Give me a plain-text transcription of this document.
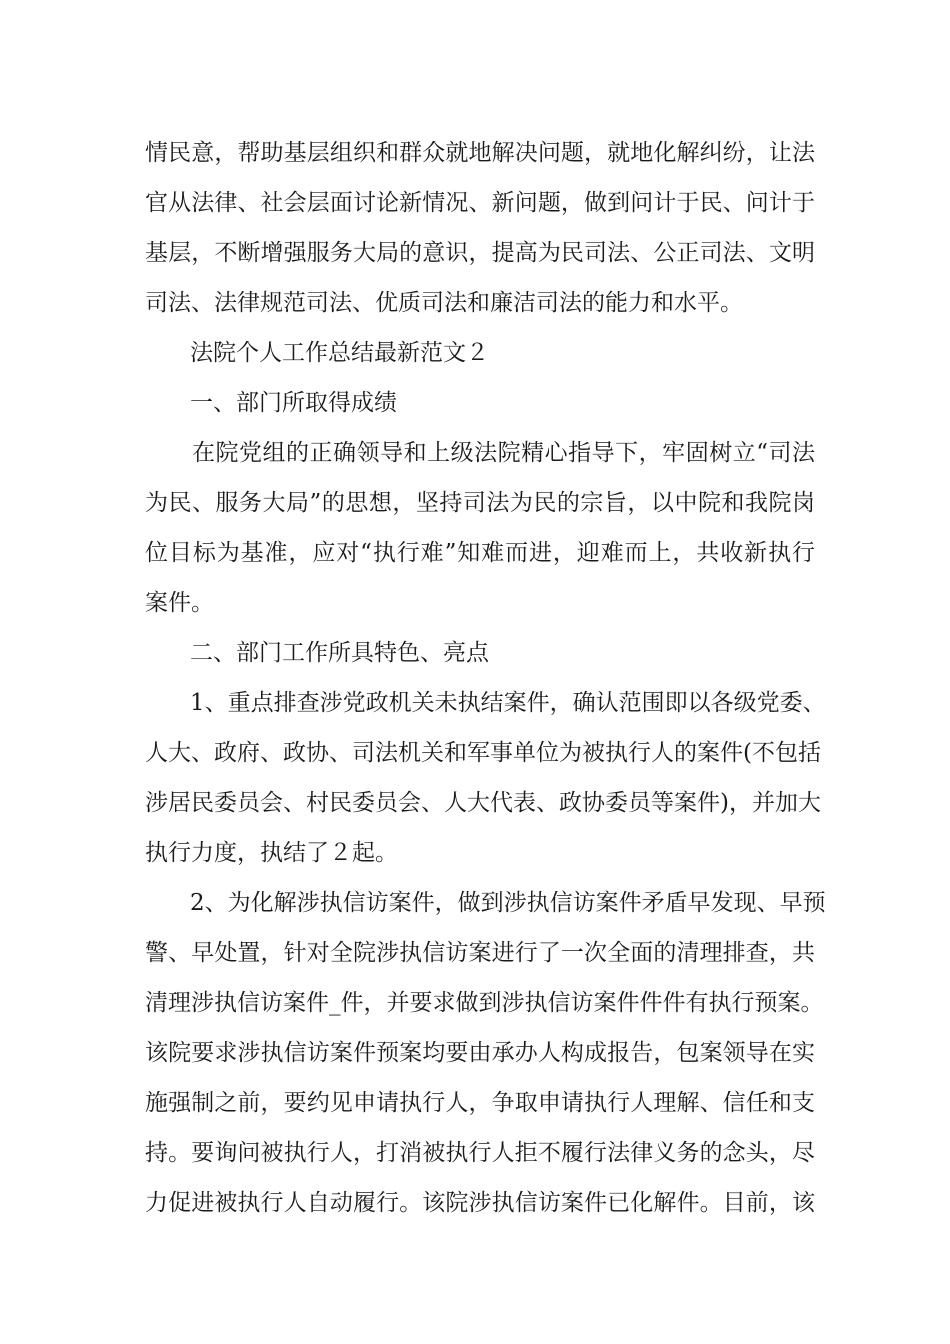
情民意，帮助基层组织和群众就地解决问题，就地化解纠纷，让法
官从法律、社会层面讨论新情况、新问题，做到问计于民、问计于
基层，不断增强服务大局的意识，提高为民司法、公正司法、文明
司法、法律规范司法、优质司法和廉洁司法的能力和水平。
法院个人工作总结最新范文２
一、部门所取得成绩
在院党组的正确领导和上级法院精心指导下，牢固树立“司法
为民、服务大局”的思想，坚持司法为民的宗旨，以中院和我院岗
位目标为基准，应对“执行难”知难而进，迎难而上，共收新执行
案件。
二、部门工作所具特色、亮点
1、重点排查涉党政机关未执结案件，确认范围即以各级党委、
人大、政府、政协、司法机关和军事单位为被执行人的案件(不包括
涉居民委员会、村民委员会、人大代表、政协委员等案件)，并加大
执行力度，执结了２起。
2、为化解涉执信访案件，做到涉执信访案件矛盾早发现、早预
警、早处置，针对全院涉执信访案进行了一次全面的清理排查，共
清理涉执信访案件_件，并要求做到涉执信访案件件件有执行预案。
该院要求涉执信访案件预案均要由承办人构成报告，包案领导在实
施强制之前，要约见申请执行人，争取申请执行人理解、信任和支
持。要询问被执行人，打消被执行人拒不履行法律义务的念头，尽
力促进被执行人自动履行。该院涉执信访案件已化解件。目前，该
